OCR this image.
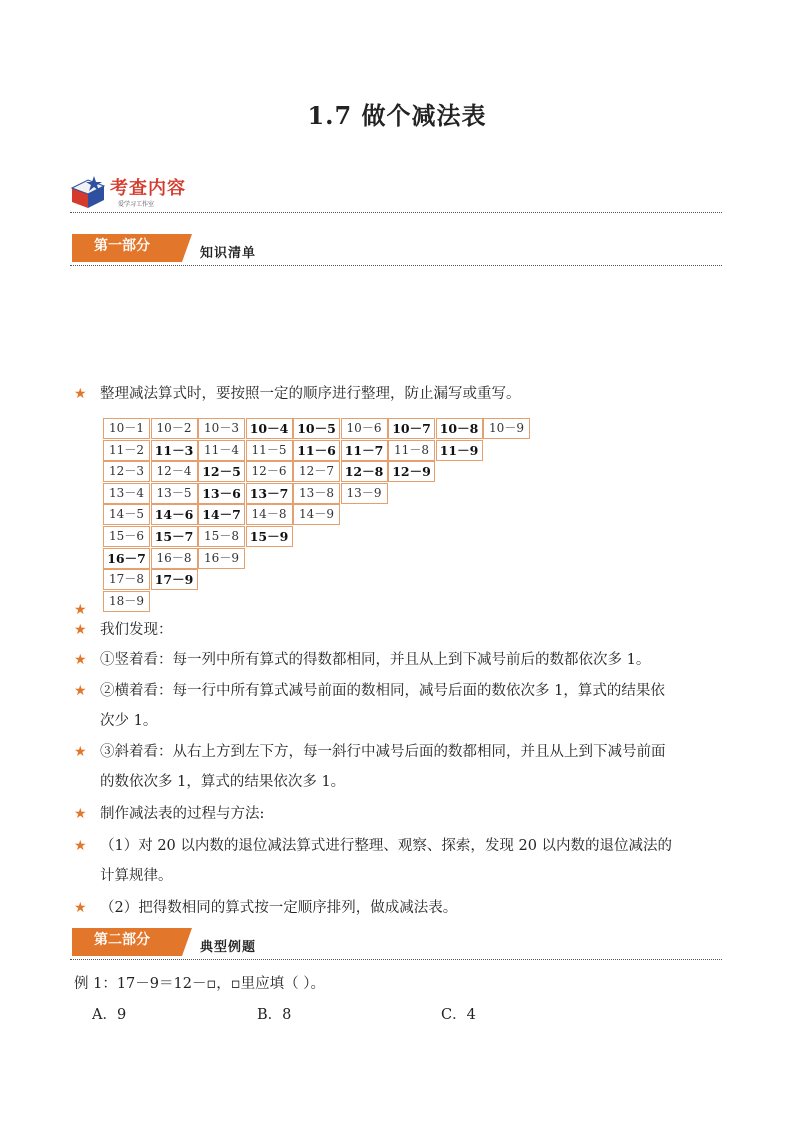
1.7 做个减法表
考查内容
爱学习工作室
第一部分	知识清单
★ 整理减法算式时，要按照一定的顺序进行整理，防止漏写或重写。
10－1	10－2	10－3 10－4 10－5 10－6 10－7 10－8 10－9
11－2 11－3 11－4	11－5 11－6 11－7 11－8 11－9
12－3	12－4 12－5 12－6	12－7 12－8 12－9
13－4	13－5 13－6 13－7 13－8	13－9
14－5 14－6 14－7 14－8	14－9
15－6 15－7 15－8 15－9
16－7 16－8	16－9
17－8 17－9
18－9
★
★ 我们发现：
★ ①竖着看：每一列中所有算式的得数都相同，并且从上到下减号前后的数都依次多 1。
★ ②横着看：每一行中所有算式减号前面的数相同，减号后面的数依次多 1，算式的结果依
次少 1。
★ ③斜着看：从右上方到左下方，每一斜行中减号后面的数都相同，并且从上到下减号前面
的数依次多 1，算式的结果依次多 1。
★ 制作减法表的过程与方法:
★ （1）对 20 以内数的退位减法算式进行整理、观察、探索，发现 20 以内数的退位减法的
计算规律。
★ （2）把得数相同的算式按一定顺序排列，做成减法表。
第二部分	典型例题
例 1：17－9＝12－▫，▫里应填（ ）。
A．9	B．8	C．4
